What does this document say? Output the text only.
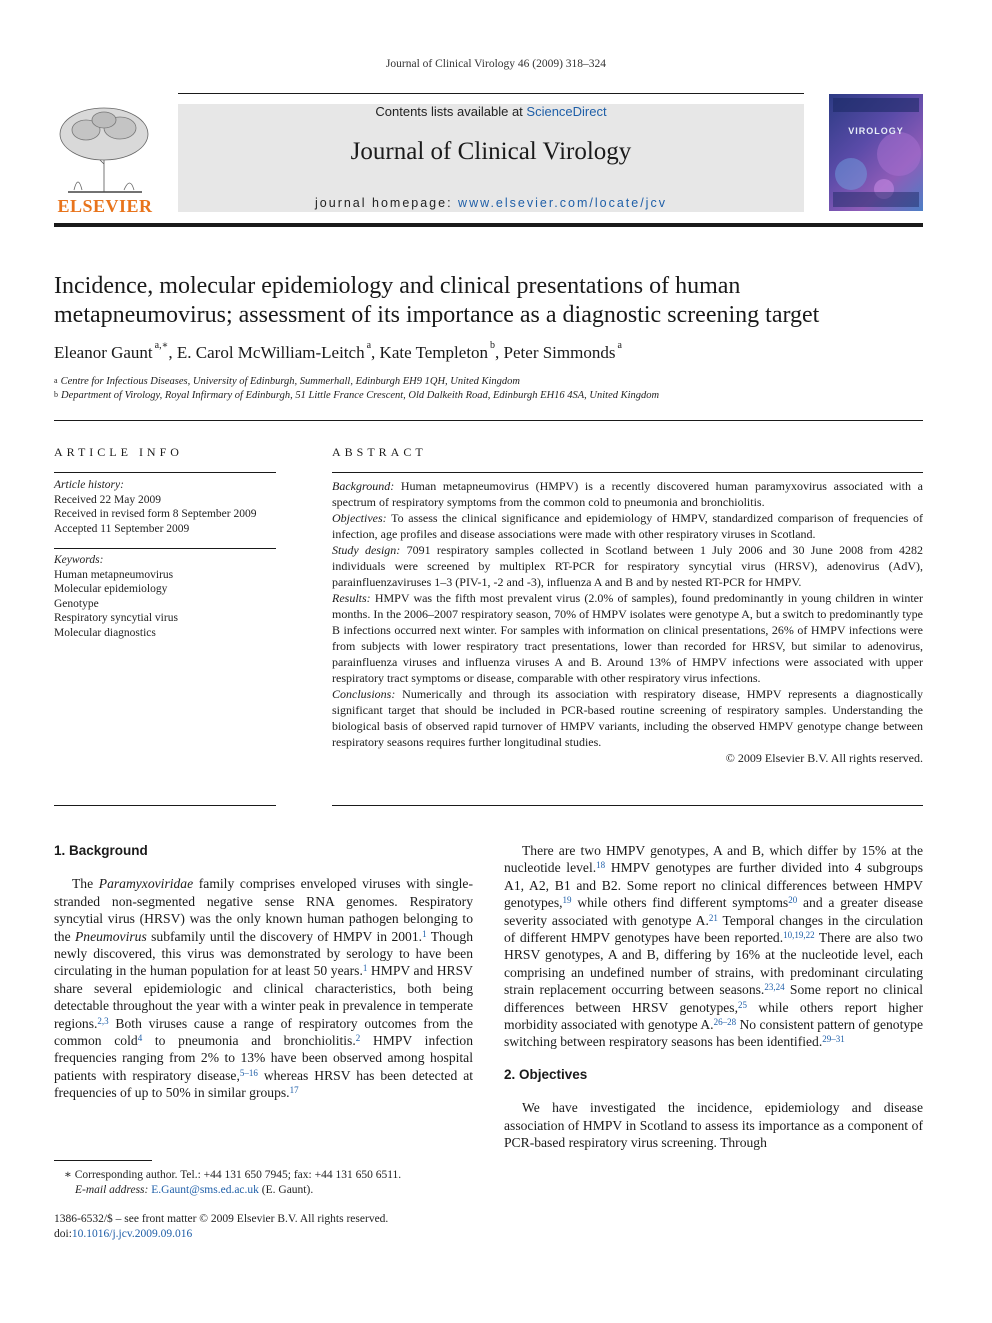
Journal of Clinical Virology 46 (2009) 318–324
ELSEVIER
Contents lists available at ScienceDirect
Journal of Clinical Virology
journal homepage: www.elsevier.com/locate/jcv
VIROLOGY
Incidence, molecular epidemiology and clinical presentations of human
metapneumovirus; assessment of its importance as a diagnostic screening target
Eleanor Gaunt $^{a,∗}$, E. Carol McWilliam-Leitch $^a$, Kate Templeton $^b$, Peter Simmonds $^a$
$^a$ Centre for Infectious Diseases, University of Edinburgh, Summerhall, Edinburgh EH9 1QH, United Kingdom
$^b$ Department of Virology, Royal Infirmary of Edinburgh, 51 Little France Crescent, Old Dalkeith Road, Edinburgh EH16 4SA, United Kingdom
ARTICLE INFO
Article history:
Received 22 May 2009
Received in revised form 8 September 2009
Accepted 11 September 2009
Keywords:
Human metapneumovirus
Molecular epidemiology
Genotype
Respiratory syncytial virus
Molecular diagnostics
ABSTRACT

Background: Human metapneumovirus (HMPV) is a recently discovered human paramyxovirus associated with a spectrum of respiratory symptoms from the common cold to pneumonia and bronchiolitis.

Objectives: To assess the clinical significance and epidemiology of HMPV, standardized comparison of frequencies of infection, age profiles and disease associations were made with other respiratory viruses in Scotland.

Study design: 7091 respiratory samples collected in Scotland between 1 July 2006 and 30 June 2008 from 4282 individuals were screened by multiplex RT-PCR for respiratory syncytial virus (HRSV), adenovirus (AdV), parainfluenzaviruses 1–3 (PIV-1, -2 and -3), influenza A and B and by nested RT-PCR for HMPV.

Results: HMPV was the fifth most prevalent virus (2.0% of samples), found predominantly in young children in winter months. In the 2006–2007 respiratory season, 70% of HMPV isolates were genotype A, but a switch to predominantly type B infections occurred next winter. For samples with information on clinical presentations, 26% of HMPV infections were from subjects with lower respiratory tract presentations, lower than recorded for HRSV, but similar to adenovirus, parainfluenza viruses and influenza viruses A and B. Around 13% of HMPV infections were associated with upper respiratory tract symptoms or disease, comparable with other respiratory virus infections.

Conclusions: Numerically and through its association with respiratory disease, HMPV represents a diagnostically significant target that should be included in PCR-based routine screening of respiratory samples. Understanding the biological basis of observed rapid turnover of HMPV variants, including the observed HMPV genotype change between respiratory seasons requires further longitudinal studies.

© 2009 Elsevier B.V. All rights reserved.

1. Background

The Paramyxoviridae family comprises enveloped viruses with single-stranded non-segmented negative sense RNA genomes. Respiratory syncytial virus (HRSV) was the only known human pathogen belonging to the Pneumovirus subfamily until the discovery of HMPV in 2001.$^1$ Though newly discovered, this virus was demonstrated by serology to have been circulating in the human population for at least 50 years.$^1$ HMPV and HRSV share several epidemiologic and clinical characteristics, both being detectable throughout the year with a winter peak in prevalence in temperate regions.$^{2,3}$ Both viruses cause a range of respiratory outcomes from the common cold$^4$ to pneumonia and bronchiolitis.$^2$ HMPV infection frequencies ranging from 2% to 13% have been observed among hospital patients with respiratory disease,$^{5-16}$ whereas HRSV has been detected at frequencies of up to 50% in similar groups.$^{17}$

There are two HMPV genotypes, A and B, which differ by 15% at the nucleotide level.$^{18}$ HMPV genotypes are further divided into 4 subgroups A1, A2, B1 and B2. Some report no clinical differences between HMPV genotypes,$^{19}$ while others find different symptoms$^{20}$ and a greater disease severity associated with genotype A.$^{21}$ Temporal changes in the circulation of different HMPV genotypes have been reported.$^{10,19,22}$ There are also two HRSV genotypes, A and B, differing by 16% at the nucleotide level, each comprising an undefined number of strains, with predominant circulating strain replacement occurring between seasons.$^{23,24}$ Some report no clinical differences between HRSV genotypes,$^{25}$ while others report higher morbidity associated with genotype A.$^{26-28}$ No consistent pattern of genotype switching between respiratory seasons has been identified.$^{29-31}$

2. Objectives

We have investigated the incidence, epidemiology and disease association of HMPV in Scotland to assess its importance as a component of PCR-based respiratory virus screening. Through

∗ Corresponding author. Tel.: +44 131 650 7945; fax: +44 131 650 6511.
E-mail address: E.Gaunt@sms.ed.ac.uk (E. Gaunt).
1386-6532/$ – see front matter © 2009 Elsevier B.V. All rights reserved.
doi:10.1016/j.jcv.2009.09.016
